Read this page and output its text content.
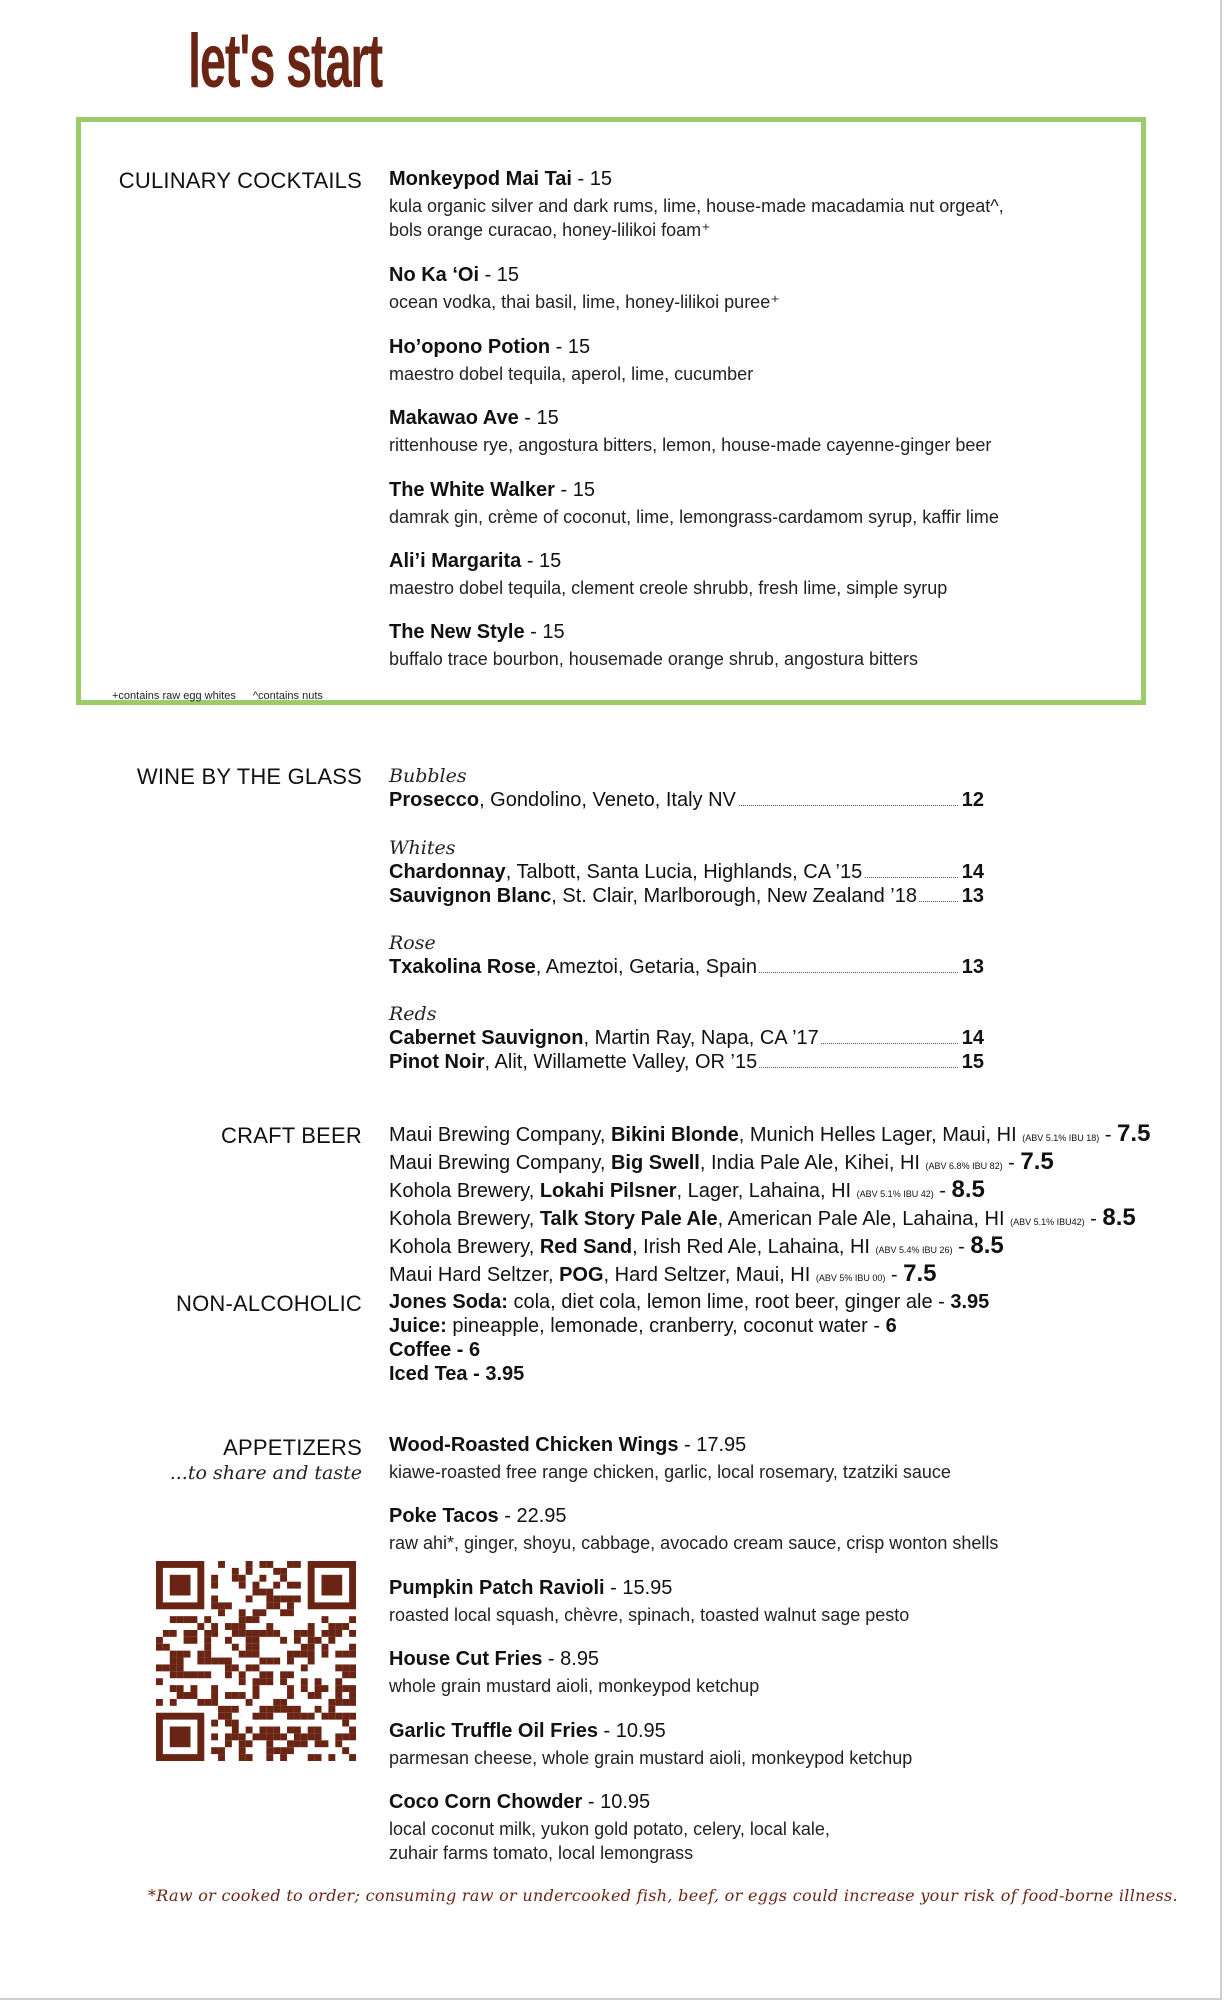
let's start
CULINARY COCKTAILS Monkeypod Mai Tai - 15
kula organic silver and dark rums, lime, house-made macadamia nut orgeat^,
bols orange curacao, honey-lilikoi foam⁺
No Ka ‘Oi - 15
ocean vodka, thai basil, lime, honey-lilikoi puree⁺
Ho’opono Potion - 15
maestro dobel tequila, aperol, lime, cucumber
Makawao Ave - 15
rittenhouse rye, angostura bitters, lemon, house-made cayenne-ginger beer
The White Walker - 15
damrak gin, crème of coconut, lime, lemongrass-cardamom syrup, kaffir lime
Ali’i Margarita - 15
maestro dobel tequila, clement creole shrubb, fresh lime, simple syrup
The New Style - 15
buffalo trace bourbon, housemade orange shrub, angostura bitters
+contains raw egg whites ^contains nuts
WINE BY THE GLASS Bubbles
Prosecco, Gondolino, Veneto, Italy NV	12
Whites
Chardonnay, Talbott, Santa Lucia, Highlands, CA ’15	14
Sauvignon Blanc, St. Clair, Marlborough, New Zealand ’18 13
Rose
Txakolina Rose, Ameztoi, Getaria, Spain	13
Reds
Cabernet Sauvignon, Martin Ray, Napa, CA ’17	14
Pinot Noir, Alit, Willamette Valley, OR ’15	15
CRAFT BEER Maui Brewing Company, Bikini Blonde, Munich Helles Lager, Maui, HI (ABV 5.1% IBU 18) - 7.5
Maui Brewing Company, Big Swell, India Pale Ale, Kihei, HI (ABV 6.8% IBU 82) - 7.5
Kohola Brewery, Lokahi Pilsner, Lager, Lahaina, HI (ABV 5.1% IBU 42) - 8.5
Kohola Brewery, Talk Story Pale Ale, American Pale Ale, Lahaina, HI (ABV 5.1% IBU42) - 8.5
Kohola Brewery, Red Sand, Irish Red Ale, Lahaina, HI (ABV 5.4% IBU 26) - 8.5
Maui Hard Seltzer, POG, Hard Seltzer, Maui, HI (ABV 5% IBU 00) - 7.5
NON-ALCOHOLIC Jones Soda: cola, diet cola, lemon lime, root beer, ginger ale - 3.95
Juice: pineapple, lemonade, cranberry, coconut water - 6
Coffee - 6
Iced Tea - 3.95
APPETIZERS
...to share and taste
Wood-Roasted Chicken Wings - 17.95
kiawe-roasted free range chicken, garlic, local rosemary, tzatziki sauce
Poke Tacos - 22.95
raw ahi*, ginger, shoyu, cabbage, avocado cream sauce, crisp wonton shells
Pumpkin Patch Ravioli - 15.95
roasted local squash, chèvre, spinach, toasted walnut sage pesto
House Cut Fries - 8.95
whole grain mustard aioli, monkeypod ketchup
Garlic Truffle Oil Fries - 10.95
parmesan cheese, whole grain mustard aioli, monkeypod ketchup
Coco Corn Chowder - 10.95
local coconut milk, yukon gold potato, celery, local kale,
zuhair farms tomato, local lemongrass
*Raw or cooked to order; consuming raw or undercooked fish, beef, or eggs could increase your risk of food-borne illness.
